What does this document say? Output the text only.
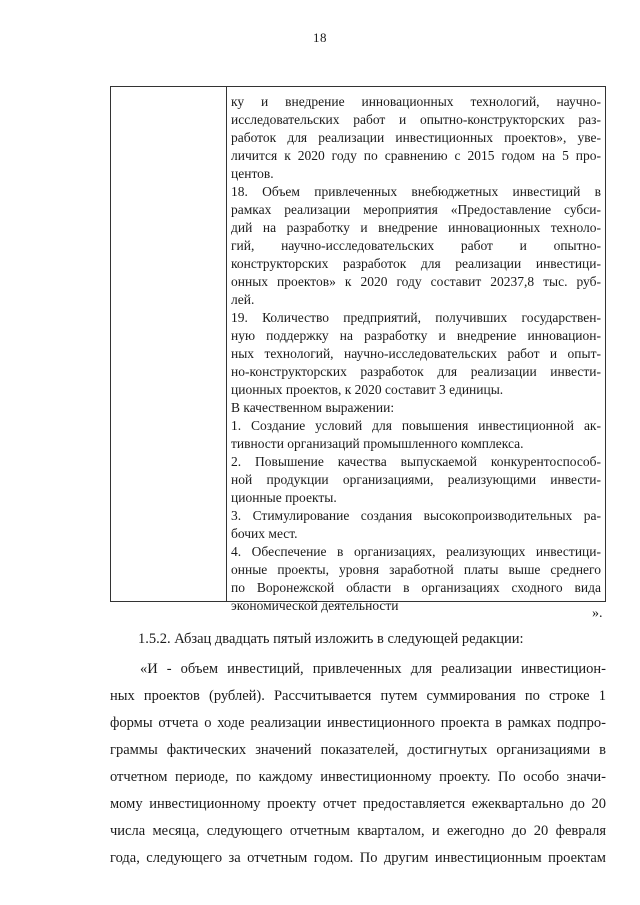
18
ку и внедрение инновационных технологий, научно-
исследовательских работ и опытно-конструкторских раз-
работок для реализации инвестиционных проектов», уве-
личится к 2020 году по сравнению с 2015 годом на 5 про-
центов.
18. Объем привлеченных внебюджетных инвестиций в
рамках реализации мероприятия «Предоставление субси-
дий на разработку и внедрение инновационных техноло-
гий, научно-исследовательских работ и опытно-
конструкторских разработок для реализации инвестици-
онных проектов» к 2020 году составит 20237,8 тыс. руб-
лей.
19. Количество предприятий, получивших государствен-
ную поддержку на разработку и внедрение инновацион-
ных технологий, научно-исследовательских работ и опыт-
но-конструкторских разработок для реализации инвести-
ционных проектов, к 2020 составит 3 единицы.
В качественном выражении:
1. Создание условий для повышения инвестиционной ак-
тивности организаций промышленного комплекса.
2. Повышение качества выпускаемой конкурентоспособ-
ной продукции организациями, реализующими инвести-
ционные проекты.
3. Стимулирование создания высокопроизводительных ра-
бочих мест.
4. Обеспечение в организациях, реализующих инвестици-
онные проекты, уровня заработной платы выше среднего
по Воронежской области в организациях сходного вида
экономической деятельности
».
1.5.2. Абзац двадцать пятый изложить в следующей редакции:
«И - объем инвестиций, привлеченных для реализации инвестицион-
ных проектов (рублей). Рассчитывается путем суммирования по строке 1
формы отчета о ходе реализации инвестиционного проекта в рамках подпро-
граммы фактических значений показателей, достигнутых организациями в
отчетном периоде, по каждому инвестиционному проекту. По особо значи-
мому инвестиционному проекту отчет предоставляется ежеквартально до 20
числа месяца, следующего отчетным кварталом, и ежегодно до 20 февраля
года, следующего за отчетным годом. По другим инвестиционным проектам
